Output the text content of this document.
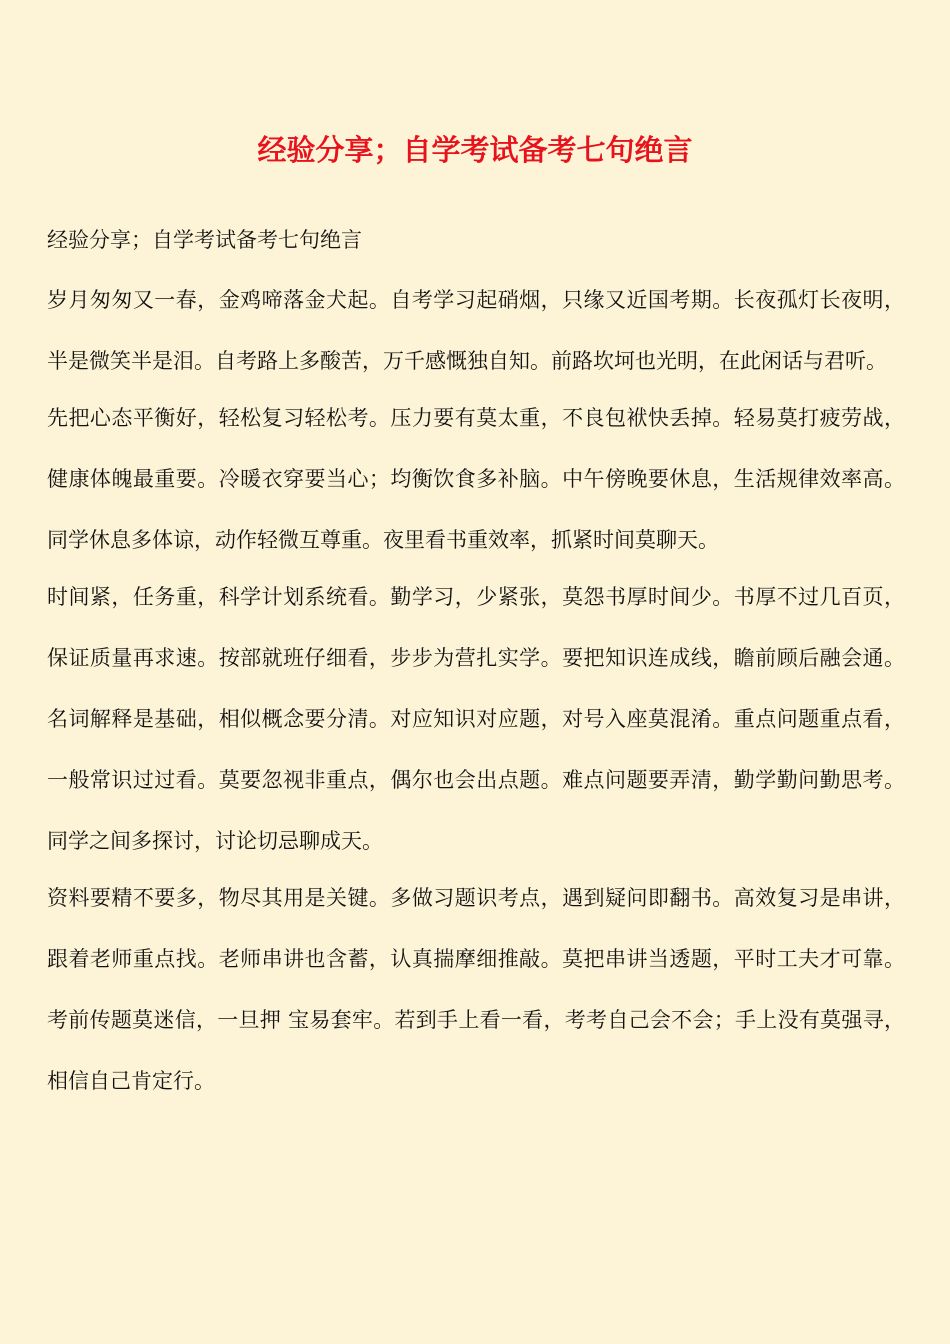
经验分享；自学考试备考七句绝言

经验分享；自学考试备考七句绝言

岁月匆匆又一春，金鸡啼落金犬起。自考学习起硝烟，只缘又近国考期。长夜孤灯长夜明，半是微笑半是泪。自考路上多酸苦，万千感慨独自知。前路坎坷也光明，在此闲话与君听。

先把心态平衡好，轻松复习轻松考。压力要有莫太重，不良包袱快丢掉。轻易莫打疲劳战，健康体魄最重要。冷暖衣穿要当心；均衡饮食多补脑。中午傍晚要休息，生活规律效率高。同学休息多体谅，动作轻微互尊重。夜里看书重效率，抓紧时间莫聊天。

时间紧，任务重，科学计划系统看。勤学习，少紧张，莫怨书厚时间少。书厚不过几百页，保证质量再求速。按部就班仔细看，步步为营扎实学。要把知识连成线，瞻前顾后融会通。名词解释是基础，相似概念要分清。对应知识对应题，对号入座莫混淆。重点问题重点看，一般常识过过看。莫要忽视非重点，偶尔也会出点题。难点问题要弄清，勤学勤问勤思考。同学之间多探讨，讨论切忌聊成天。

资料要精不要多，物尽其用是关键。多做习题识考点，遇到疑问即翻书。高效复习是串讲，跟着老师重点找。老师串讲也含蓄，认真揣摩细推敲。莫把串讲当透题，平时工夫才可靠。考前传题莫迷信，一旦押 宝易套牢。若到手上看一看，考考自己会不会；手上没有莫强寻，相信自己肯定行。
